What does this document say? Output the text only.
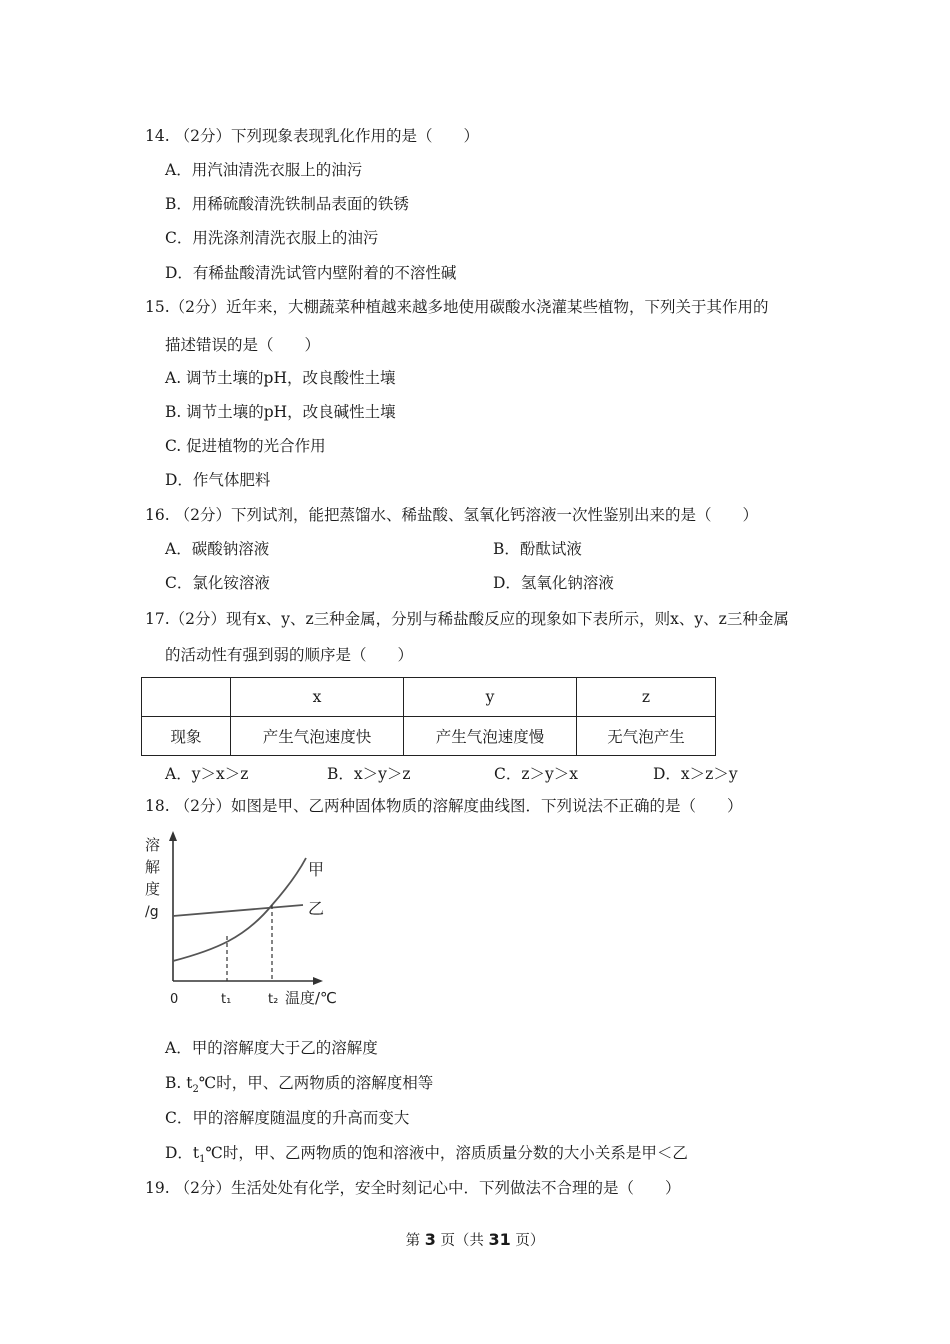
14. （2分）下列现象表现乳化作用的是（　　）
A．用汽油清洗衣服上的油污
B．用稀硫酸清洗铁制品表面的铁锈
C．用洗涤剂清洗衣服上的油污
D．有稀盐酸清洗试管内壁附着的不溶性碱
15.（2分）近年来，大棚蔬菜种植越来越多地使用碳酸水浇灌某些植物，下列关于其作用的
描述错误的是（　　）
A. 调节土壤的pH，改良酸性土壤
B. 调节土壤的pH，改良碱性土壤
C. 促进植物的光合作用
D．作气体肥料
16. （2分）下列试剂，能把蒸馏水、稀盐酸、氢氧化钙溶液一次性鉴别出来的是（　　）
A．碳酸钠溶液	B．酚酞试液
C．氯化铵溶液	D．氢氧化钠溶液
17.（2分）现有x、y、z三种金属，分别与稀盐酸反应的现象如下表所示，则x、y、z三种金属
的活动性有强到弱的顺序是（　　）
	x	y	z
现象	产生气泡速度快	产生气泡速度慢	无气泡产生
A．y＞x＞z	B．x＞y＞z	C．z＞y＞x	D．x＞z＞y
18. （2分）如图是甲、乙两种固体物质的溶解度曲线图．下列说法不正确的是（　　）
溶
解
度
/g
甲
乙
0	t₁	t₂ 温度/℃
A．甲的溶解度大于乙的溶解度
B. $t_2℃$时，甲、乙两物质的溶解度相等
C．甲的溶解度随温度的升高而变大
D．$t_1℃$时，甲、乙两物质的饱和溶液中，溶质质量分数的大小关系是甲＜乙
19. （2分）生活处处有化学，安全时刻记心中．下列做法不合理的是（　　）
第 3 页（共 31 页）
